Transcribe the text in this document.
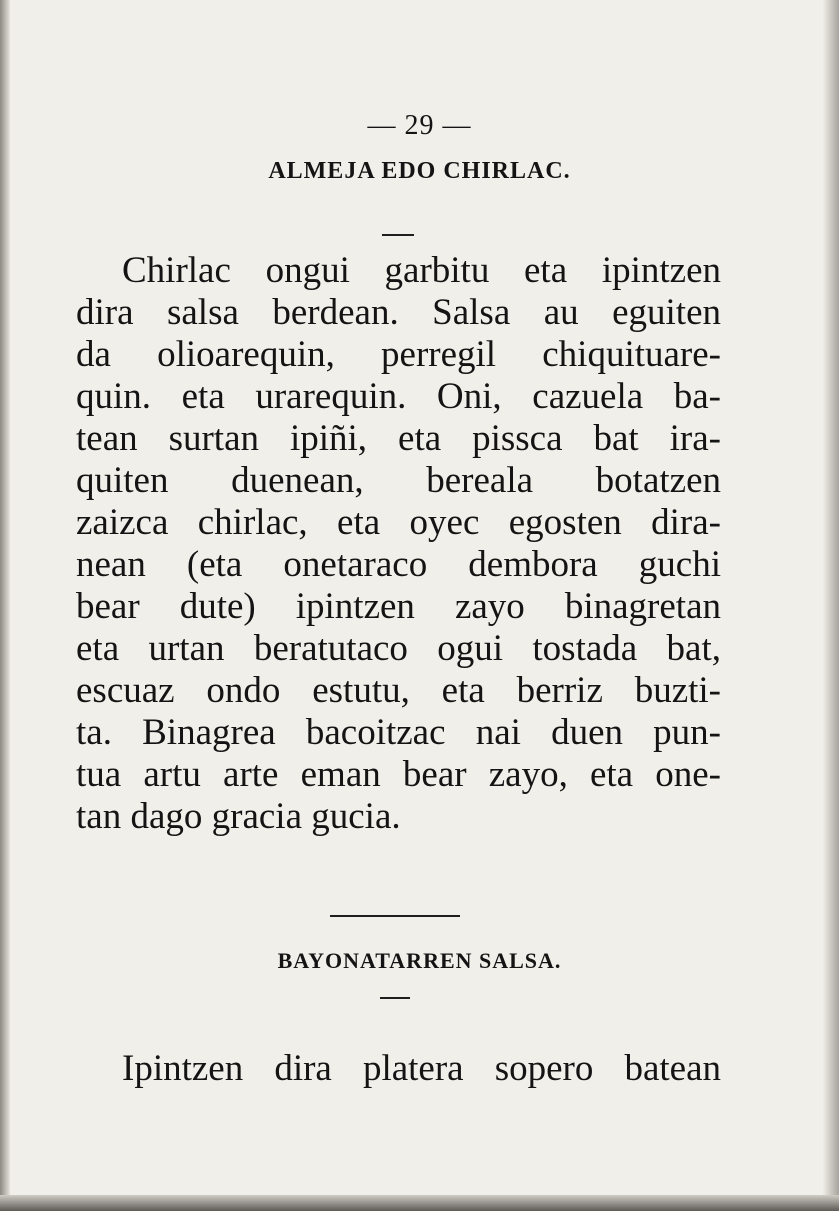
— 29 —
ALMEJA EDO CHIRLAC.
Chirlac ongui garbitu eta ipintzen
dira salsa berdean. Salsa au eguiten
da olioarequin, perregil chiquituare-
quin. eta urarequin. Oni, cazuela ba-
tean surtan ipiñi, eta pissca bat ira-
quiten duenean, bereala botatzen
zaizca chirlac, eta oyec egosten dira-
nean (eta onetaraco dembora guchi
bear dute) ipintzen zayo binagretan
eta urtan beratutaco ogui tostada bat,
escuaz ondo estutu, eta berriz buzti-
ta. Binagrea bacoitzac nai duen pun-
tua artu arte eman bear zayo, eta one-
tan dago gracia gucia.
BAYONATARREN SALSA.
Ipintzen dira platera sopero batean
